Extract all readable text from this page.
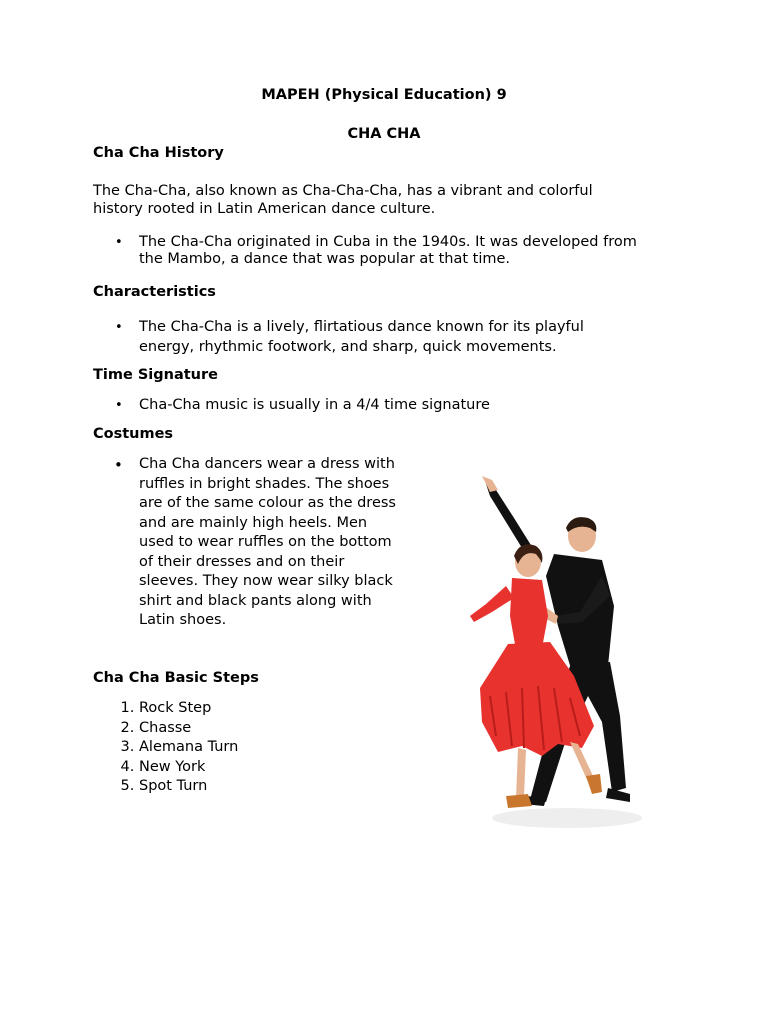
MAPEH (Physical Education) 9

CHA CHA

Cha Cha History

The Cha-Cha, also known as Cha-Cha-Cha, has a vibrant and colorful

history rooted in Latin American dance culture.

• The Cha-Cha originated in Cuba in the 1940s. It was developed from

the Mambo, a dance that was popular at that time.

Characteristics

• The Cha-Cha is a lively, flirtatious dance known for its playful

energy, rhythmic footwork, and sharp, quick movements.

Time Signature

• Cha-Cha music is usually in a 4/4 time signature

Costumes

• Cha Cha dancers wear a dress with
ruffles in bright shades. The shoes
are of the same colour as the dress
and are mainly high heels. Men
used to wear ruffles on the bottom
of their dresses and on their
sleeves. They now wear silky black
shirt and black pants along with
Latin shoes.

Cha Cha Basic Steps

1. Rock Step
2. Chasse
3. Alemana Turn
4. New York
5. Spot Turn
